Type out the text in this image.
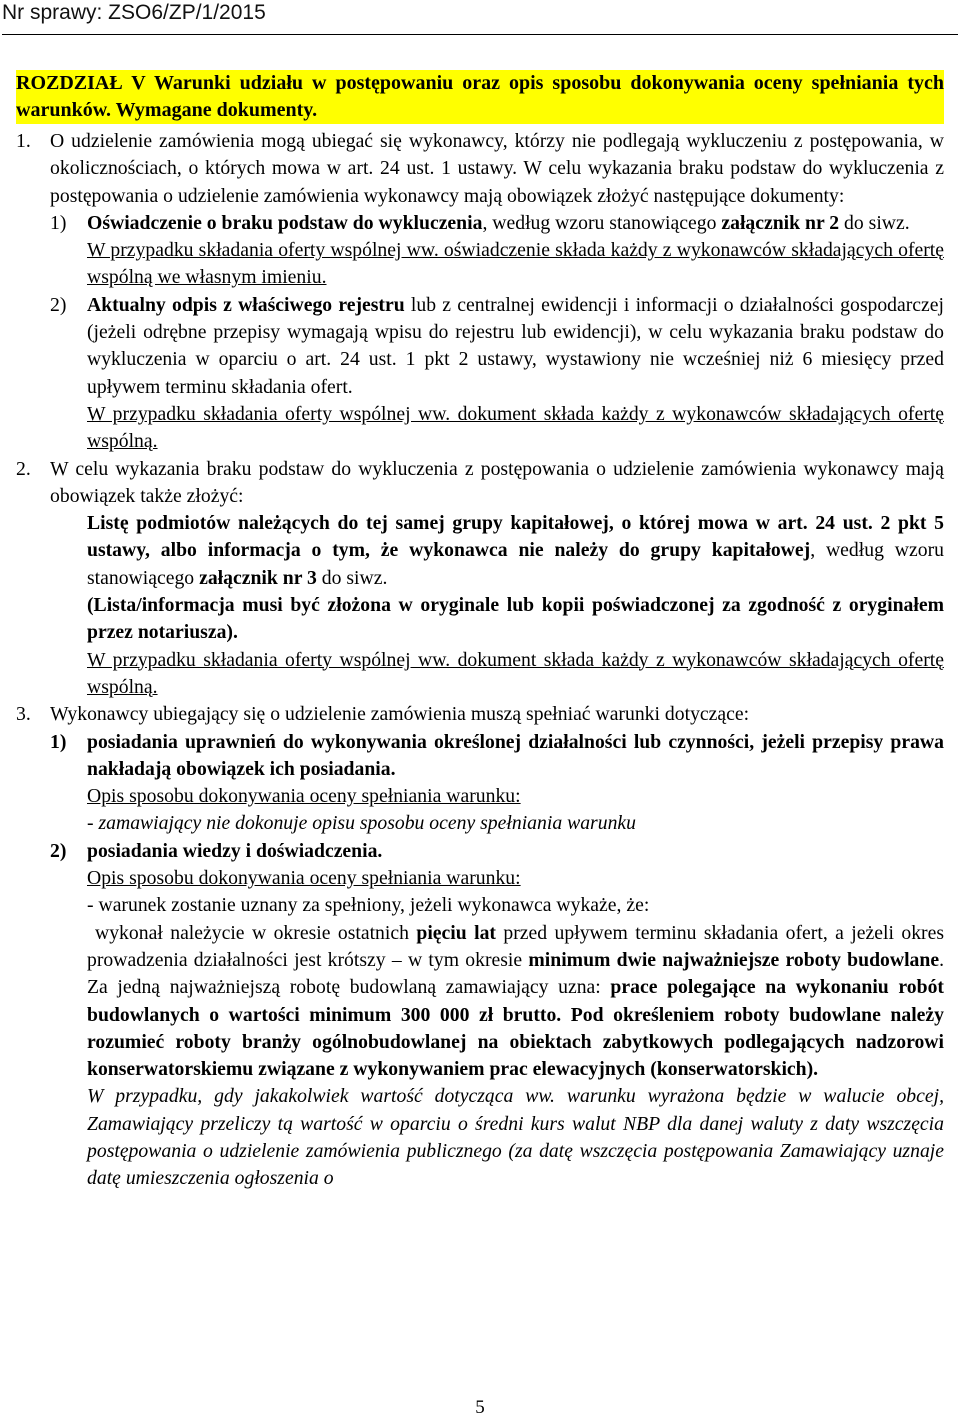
Nr sprawy: ZSO6/ZP/1/2015
ROZDZIAŁ V Warunki udziału w postępowaniu oraz opis sposobu dokonywania oceny spełniania tych warunków. Wymagane dokumenty.
1. O udzielenie zamówienia mogą ubiegać się wykonawcy, którzy nie podlegają wykluczeniu z postępowania, w okolicznościach, o których mowa w art. 24 ust. 1 ustawy. W celu wykazania braku podstaw do wykluczenia z postępowania o udzielenie zamówienia wykonawcy mają obowiązek złożyć następujące dokumenty:
1) Oświadczenie o braku podstaw do wykluczenia, według wzoru stanowiącego załącznik nr 2 do siwz.
W przypadku składania oferty wspólnej ww. oświadczenie składa każdy z wykonawców składających ofertę wspólną we własnym imieniu.
2) Aktualny odpis z właściwego rejestru lub z centralnej ewidencji i informacji o działalności gospodarczej (jeżeli odrębne przepisy wymagają wpisu do rejestru lub ewidencji), w celu wykazania braku podstaw do wykluczenia w oparciu o art. 24 ust. 1 pkt 2 ustawy, wystawiony nie wcześniej niż 6 miesięcy przed upływem terminu składania ofert.
W przypadku składania oferty wspólnej ww. dokument składa każdy z wykonawców składających ofertę wspólną.
2. W celu wykazania braku podstaw do wykluczenia z postępowania o udzielenie zamówienia wykonawcy mają obowiązek także złożyć:
Listę podmiotów należących do tej samej grupy kapitałowej, o której mowa w art. 24 ust. 2 pkt 5 ustawy, albo informacja o tym, że wykonawca nie należy do grupy kapitałowej, według wzoru stanowiącego załącznik nr 3 do siwz.
(Lista/informacja musi być złożona w oryginale lub kopii poświadczonej za zgodność z oryginałem przez notariusza).
W przypadku składania oferty wspólnej ww. dokument składa każdy z wykonawców składających ofertę wspólną.
3. Wykonawcy ubiegający się o udzielenie zamówienia muszą spełniać warunki dotyczące:
1) posiadania uprawnień do wykonywania określonej działalności lub czynności, jeżeli przepisy prawa nakładają obowiązek ich posiadania.
Opis sposobu dokonywania oceny spełniania warunku:
- zamawiający nie dokonuje opisu sposobu oceny spełniania warunku
2) posiadania wiedzy i doświadczenia.
Opis sposobu dokonywania oceny spełniania warunku:
- warunek zostanie uznany za spełniony, jeżeli wykonawca wykaże, że:
wykonał należycie w okresie ostatnich pięciu lat przed upływem terminu składania ofert, a jeżeli okres prowadzenia działalności jest krótszy – w tym okresie minimum dwie najważniejsze roboty budowlane. Za jedną najważniejszą robotę budowlaną zamawiający uzna: prace polegające na wykonaniu robót budowlanych o wartości minimum 300 000 zł brutto. Pod określeniem roboty budowlane należy rozumieć roboty branży ogólnobudowlanej na obiektach zabytkowych podlegających nadzorowi konserwatorskiemu związane z wykonywaniem prac elewacyjnych (konserwatorskich).
W przypadku, gdy jakakolwiek wartość dotycząca ww. warunku wyrażona będzie w walucie obcej, Zamawiający przeliczy tą wartość w oparciu o średni kurs walut NBP dla danej waluty z daty wszczęcia postępowania o udzielenie zamówienia publicznego (za datę wszczęcia postępowania Zamawiający uznaje datę umieszczenia ogłoszenia o
5
